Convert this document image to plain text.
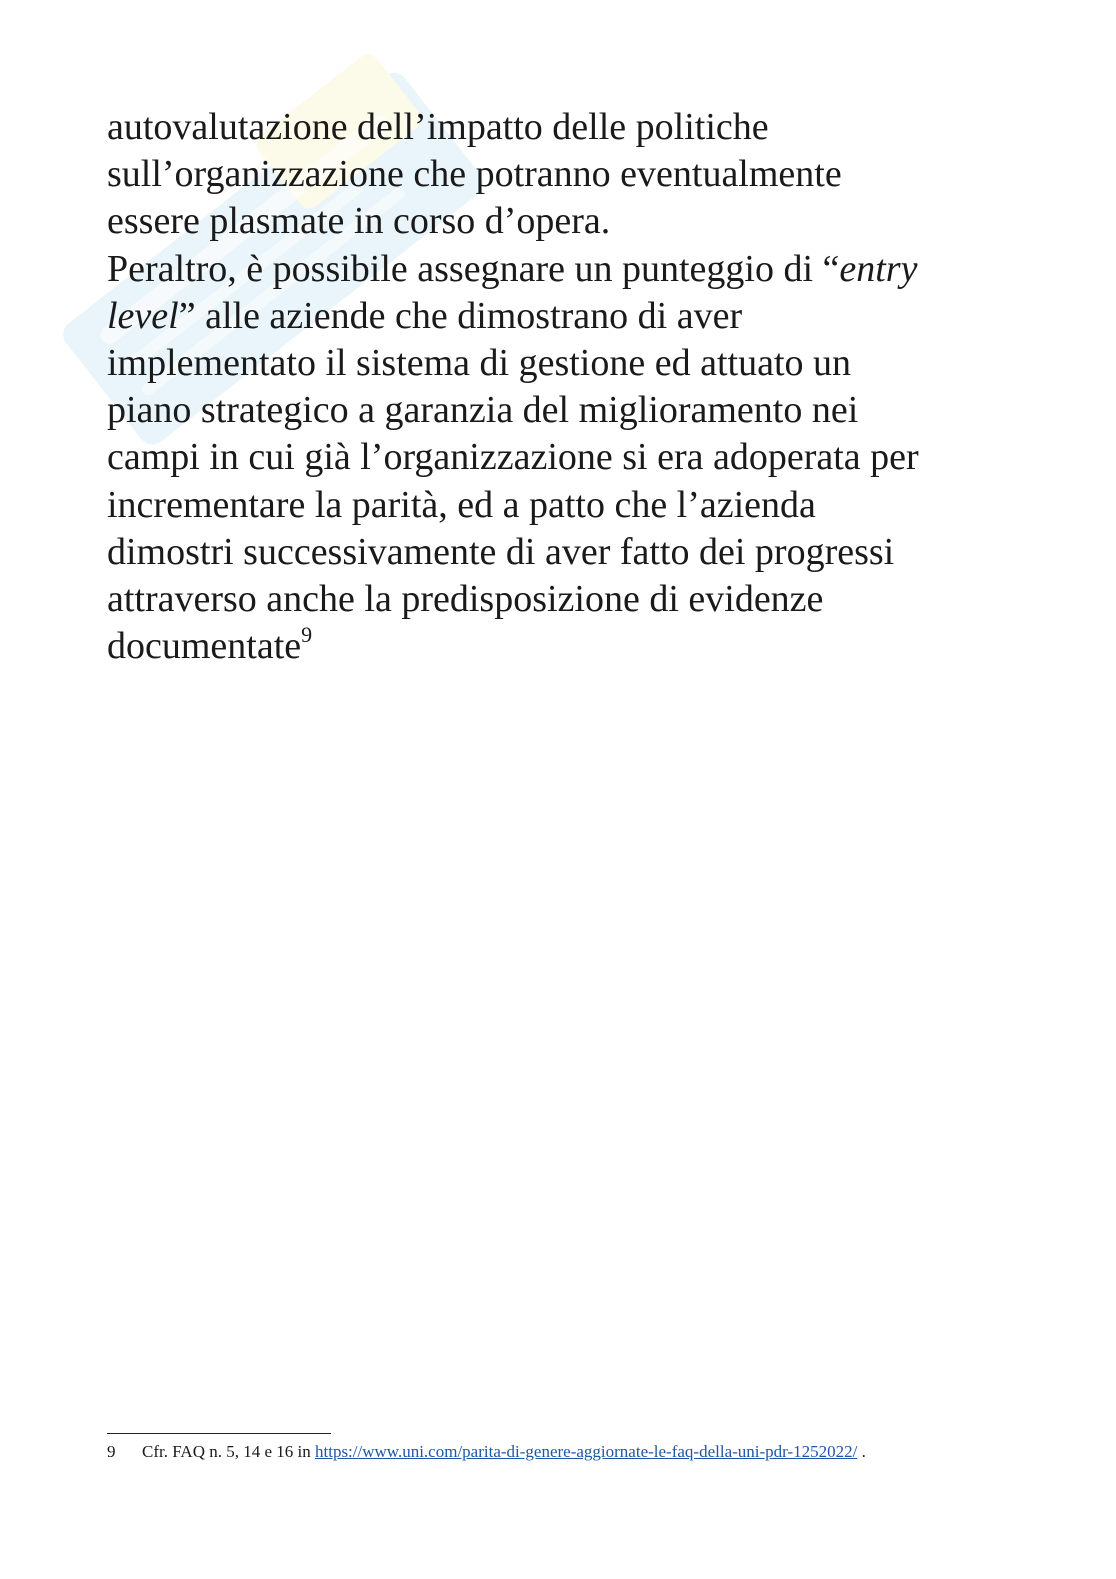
autovalutazione dell’impatto delle politiche
sull’organizzazione che potranno eventualmente
essere plasmate in corso d’opera.
Peraltro, è possibile assegnare un punteggio di “entry
level” alle aziende che dimostrano di aver
implementato il sistema di gestione ed attuato un
piano strategico a garanzia del miglioramento nei
campi in cui già l’organizzazione si era adoperata per
incrementare la parità, ed a patto che l’azienda
dimostri successivamente di aver fatto dei progressi
attraverso anche la predisposizione di evidenze
documentate$^9$
9 Cfr. FAQ n. 5, 14 e 16 in https://www.uni.com/parita-di-genere-aggiornate-le-faq-della-uni-pdr-1252022/ .
